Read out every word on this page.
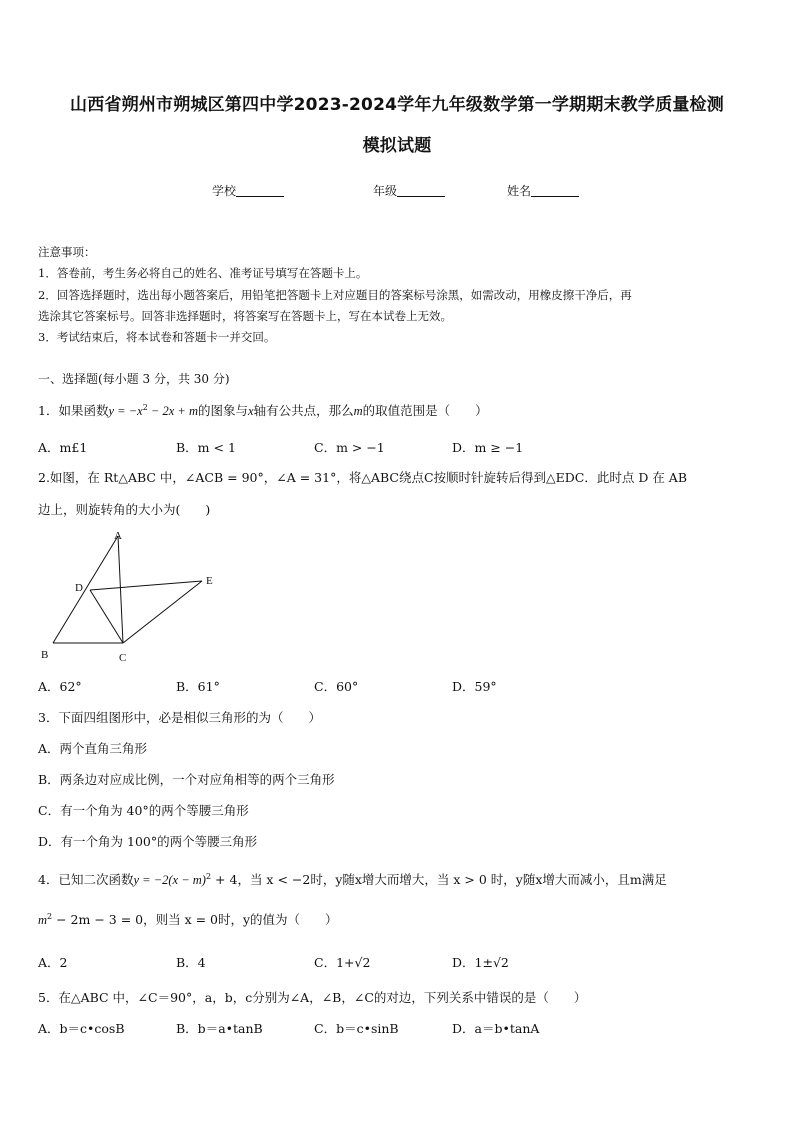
山西省朔州市朔城区第四中学2023-2024学年九年级数学第一学期期末教学质量检测
模拟试题
学校	年级	姓名
注意事项：
1．答卷前，考生务必将自己的姓名、准考证号填写在答题卡上。
2．回答选择题时，选出每小题答案后，用铅笔把答题卡上对应题目的答案标号涂黑，如需改动，用橡皮擦干净后，再
选涂其它答案标号。回答非选择题时，将答案写在答题卡上，写在本试卷上无效。
3．考试结束后，将本试卷和答题卡一并交回。
一、选择题(每小题 3 分，共 30 分)
1．如果函数$y = -x^2 - 2x + m$的图象与x轴有公共点，那么m的取值范围是（　　）
A．m£1	B．m < 1	C．m > −1	D．m ≥ −1
2.如图，在 Rt△ABC 中，∠ACB = 90°，∠A = 31°，将△ABC绕点C按顺时针旋转后得到△EDC．此时点 D 在 AB
边上，则旋转角的大小为(　　)
A
D
E
B	C
A．62°	B．61°	C．60°	D．59°
3．下面四组图形中，必是相似三角形的为（　　）
A．两个直角三角形
B．两条边对应成比例，一个对应角相等的两个三角形
C．有一个角为 40°的两个等腰三角形
D．有一个角为 100°的两个等腰三角形
4．已知二次函数$y = -2(x - m)^2 + 4$，当 x < −2时，y随x增大而增大，当 x > 0 时，y随x增大而减小，且m满足
$m^2 - 2m - 3 = 0$，则当 x = 0时，y的值为（　　）
A．2	B．4	C．1+√2	D．1±√2
5．在△ABC 中，∠C＝90°，a，b，c分别为∠A，∠B，∠C的对边，下列关系中错误的是（　　）
A．b＝c•cosB	B．b＝a•tanB	C．b＝c•sinB	D．a＝b•tanA
